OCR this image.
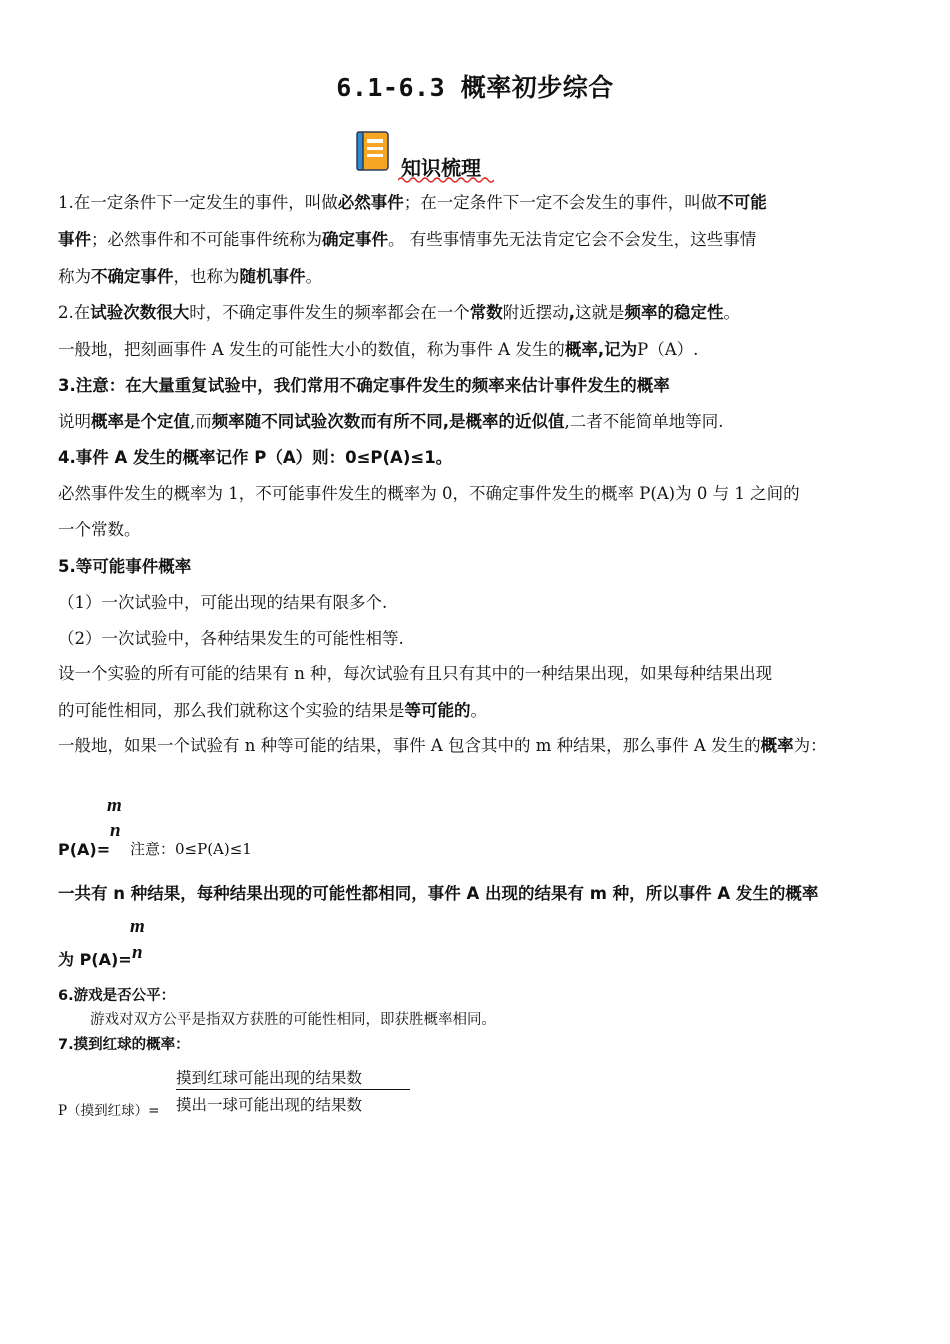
6.1-6.3 概率初步综合
知识梳理
1.在一定条件下一定发生的事件，叫做必然事件；在一定条件下一定不会发生的事件，叫做不可能
事件；必然事件和不可能事件统称为确定事件。 有些事情事先无法肯定它会不会发生，这些事情
称为不确定事件，也称为随机事件。
2.在试验次数很大时，不确定事件发生的频率都会在一个常数附近摆动,这就是频率的稳定性。
一般地，把刻画事件 A 发生的可能性大小的数值，称为事件 A 发生的概率,记为P（A）.
3.注意：在大量重复试验中，我们常用不确定事件发生的频率来估计事件发生的概率
说明概率是个定值,而频率随不同试验次数而有所不同,是概率的近似值,二者不能简单地等同.
4.事件 A 发生的概率记作 P（A）则：0≤P(A)≤1。
必然事件发生的概率为 1，不可能事件发生的概率为 0，不确定事件发生的概率 P(A)为 0 与 1 之间的
一个常数。
5.等可能事件概率
（1）一次试验中，可能出现的结果有限多个.
（2）一次试验中，各种结果发生的可能性相等.
设一个实验的所有可能的结果有 n 种，每次试验有且只有其中的一种结果出现，如果每种结果出现
的可能性相同，那么我们就称这个实验的结果是等可能的。
一般地，如果一个试验有 n 种等可能的结果，事件 A 包含其中的 m 种结果，那么事件 A 发生的概率为：
m
n
P(A)= 注意：0≤P(A)≤1
一共有 n 种结果，每种结果出现的可能性都相同，事件 A 出现的结果有 m 种，所以事件 A 发生的概率
m
n
为 P(A)=
6.游戏是否公平：
游戏对双方公平是指双方获胜的可能性相同，即获胜概率相同。
7.摸到红球的概率：
摸到红球可能出现的结果数
摸出一球可能出现的结果数
P（摸到红球）=
